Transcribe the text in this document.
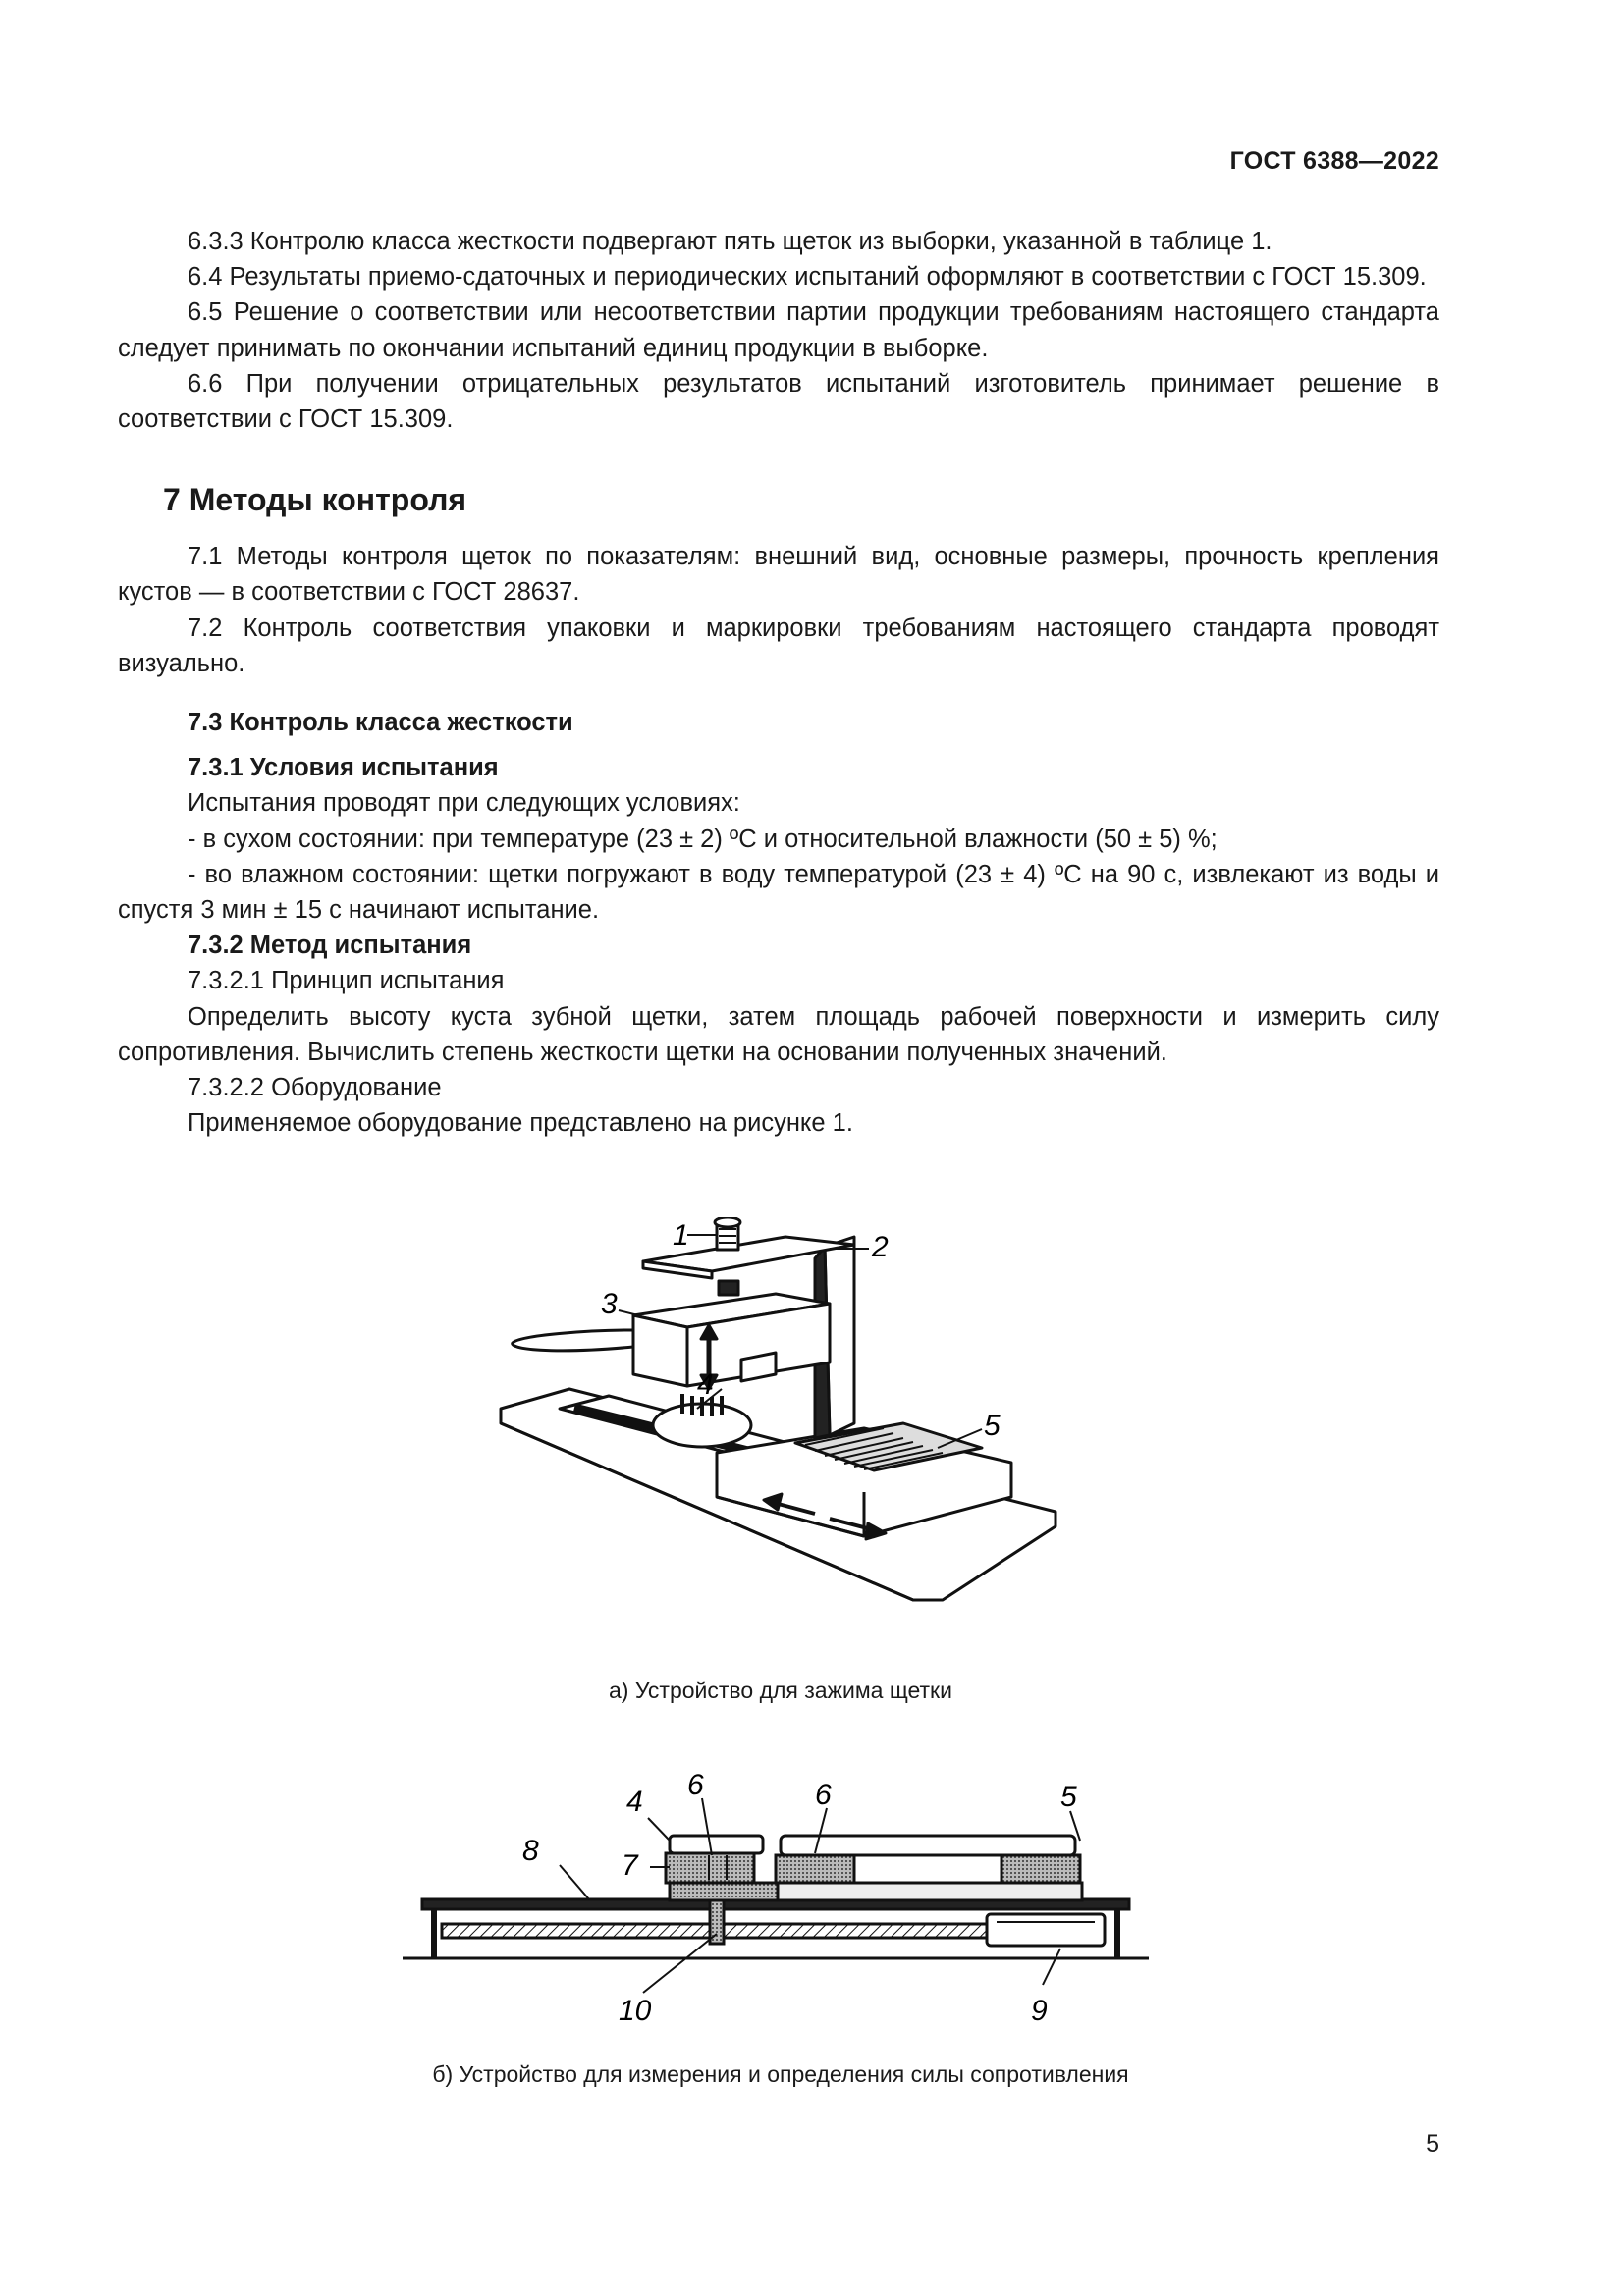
ГОСТ 6388—2022

6.3.3 Контролю класса жесткости подвергают пять щеток из выборки, указанной в таблице 1.

6.4 Результаты приемо-сдаточных и периодических испытаний оформляют в соответствии с ГОСТ 15.309.

6.5 Решение о соответствии или несоответствии партии продукции требованиям настоящего стандарта следует принимать по окончании испытаний единиц продукции в выборке.

6.6 При получении отрицательных результатов испытаний изготовитель принимает решение в соответствии с ГОСТ 15.309.

7 Методы контроля

7.1 Методы контроля щеток по показателям: внешний вид, основные размеры, прочность крепления кустов — в соответствии с ГОСТ 28637.

7.2 Контроль соответствия упаковки и маркировки требованиям настоящего стандарта проводят визуально.

7.3 Контроль класса жесткости
7.3.1 Условия испытания

Испытания проводят при следующих условиях:

- в сухом состоянии: при температуре (23 ± 2) ºС и относительной влажности (50 ± 5) %;

- во влажном состоянии: щетки погружают в воду температурой (23 ± 4) ºС на 90 с, извлекают из воды и спустя 3 мин ± 15 с начинают испытание.

7.3.2 Метод испытания

7.3.2.1 Принцип испытания

Определить высоту куста зубной щетки, затем площадь рабочей поверхности и измерить силу сопротивления. Вычислить степень жесткости щетки на основании полученных значений.

7.3.2.2 Оборудование

Применяемое оборудование представлено на рисунке 1.

1	2
3
4
5
а) Устройство для зажима щетки
4
6	6	5
8	7
10	9
б) Устройство для измерения и определения силы сопротивления
5
